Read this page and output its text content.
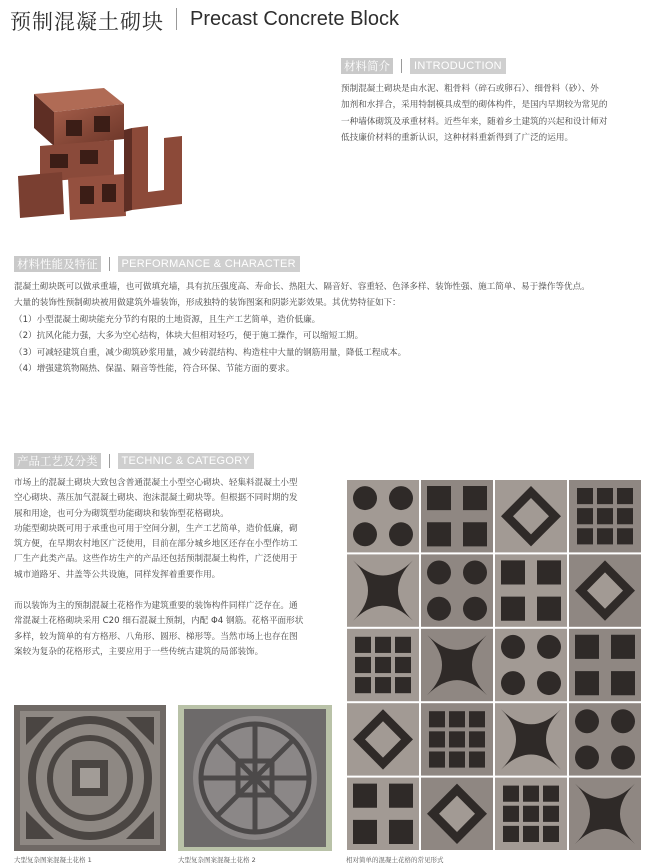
预制混凝土砌块 Precast Concrete Block
材料简介	INTRODUCTION
预制混凝土砌块是由水泥、粗骨料（碎石或卵石）、细骨料（砂）、外
加剂和水拌合，采用特制模具成型的砌体构件，是国内早期较为常见的
一种墙体砌筑及承重材料。近些年来，随着乡土建筑的兴起和设计师对
低技廉价材料的重新认识，这种材料重新得到了广泛的运用。
材料性能及特征	PERFORMANCE & CHARACTER
混凝土砌块既可以做承重墙，也可做填充墙，具有抗压强度高、寿命长、热阻大、隔音好、容重轻、色泽多样、装饰性强、施工简单、易于操作等优点。
大量的装饰性预制砌块被用做建筑外墙装饰，形成独特的装饰图案和阴影光影效果。其优势特征如下：
（1）小型混凝土砌块能充分节约有限的土地资源，且生产工艺简单，造价低廉。
（2）抗风化能力强，大多为空心结构，体块大但相对轻巧，便于施工操作，可以缩短工期。
（3）可减轻建筑自重，减少砌筑砂浆用量，减少砖混结构、构造柱中大量的钢筋用量，降低工程成本。
（4）增强建筑物隔热、保温、隔音等性能，符合环保、节能方面的要求。
产品工艺及分类	TECHNIC & CATEGORY
市场上的混凝土砌块大致包含普通混凝土小型空心砌块、轻集料混凝土小型
空心砌块、蒸压加气混凝土砌块、泡沫混凝土砌块等。但根据不同时期的发
展和用途，也可分为砌筑型功能砌块和装饰型花格砌块。
功能型砌块既可用于承重也可用于空间分割，生产工艺简单，造价低廉，砌
筑方便，在早期农村地区广泛使用，目前在部分城乡地区还存在小型作坊工
厂生产此类产品。这些作坊生产的产品还包括预制混凝土构件，广泛使用于
城市道路牙、井盖等公共设施，同样发挥着重要作用。
而以装饰为主的预制混凝土花格作为建筑重要的装饰构件同样广泛存在。通
常混凝土花格砌块采用 C20 细石混凝土预制，内配 Φ4 钢筋。花格平面形状
多样，较为简单的有方格形、八角形、圆形、梯形等。当然市场上也存在图
案较为复杂的花格形式，主要应用于一些传统古建筑的局部装饰。
大型复杂图案混凝土花格 1	大型复杂图案混凝土花格 2	相对简单的混凝土花格的常见形式
